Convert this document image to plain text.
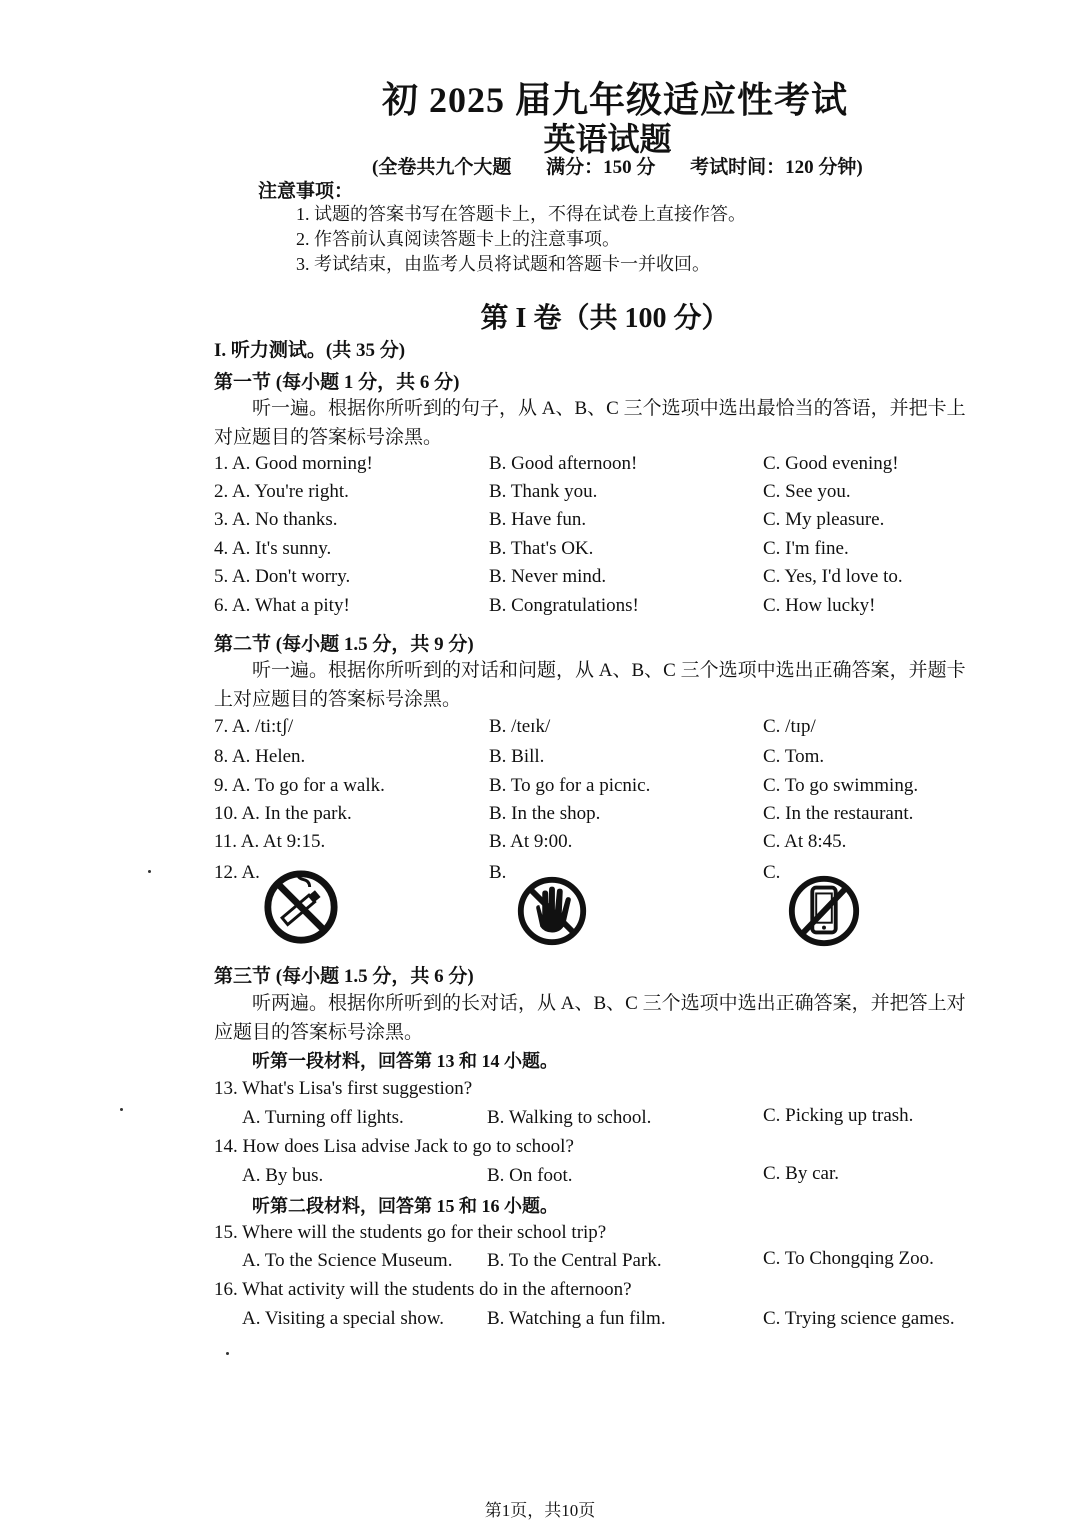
初 2025 届九年级适应性考试
英语试题
(全卷共九个大题 满分：150 分 考试时间：120 分钟)
注意事项：
1. 试题的答案书写在答题卡上，不得在试卷上直接作答。
2. 作答前认真阅读答题卡上的注意事项。
3. 考试结束，由监考人员将试题和答题卡一并收回。
第 I 卷（共 100 分）
I. 听力测试。(共 35 分)
第一节 (每小题 1 分，共 6 分)
听一遍。根据你所听到的句子，从 A、B、C 三个选项中选出最恰当的答语，并把卡上对应题目的答案标号涂黑。
1. A. Good morning!	B. Good afternoon!	C. Good evening!
2. A. You're right.	B. Thank you.	C. See you.
3. A. No thanks.	B. Have fun.	C. My pleasure.
4. A. It's sunny.	B. That's OK.	C. I'm fine.
5. A. Don't worry.	B. Never mind.	C. Yes, I'd love to.
6. A. What a pity!	B. Congratulations!	C. How lucky!
第二节 (每小题 1.5 分，共 9 分)
听一遍。根据你所听到的对话和问题，从 A、B、C 三个选项中选出正确答案，并题卡上对应题目的答案标号涂黑。
7. A. /ti:tʃ/	B. /teɪk/	C. /tɪp/
8. A. Helen.	B. Bill.	C. Tom.
9. A. To go for a walk.	B. To go for a picnic.	C. To go swimming.
10. A. In the park.	B. In the shop.	C. In the restaurant.
11. A. At 9:15.	B. At 9:00.	C. At 8:45.
12. A.	B.	C.
第三节 (每小题 1.5 分，共 6 分)
听两遍。根据你所听到的长对话，从 A、B、C 三个选项中选出正确答案，并把答上对应题目的答案标号涂黑。
听第一段材料，回答第 13 和 14 小题。
13. What's Lisa's first suggestion?
A. Turning off lights.	B. Walking to school.	C. Picking up trash.
14. How does Lisa advise Jack to go to school?
A. By bus.	B. On foot.	C. By car.
听第二段材料，回答第 15 和 16 小题。
15. Where will the students go for their school trip?
A. To the Science Museum. B. To the Central Park.	C. To Chongqing Zoo.
16. What activity will the students do in the afternoon?
A. Visiting a special show. B. Watching a fun film.	C. Trying science games.
第1页，共10页
